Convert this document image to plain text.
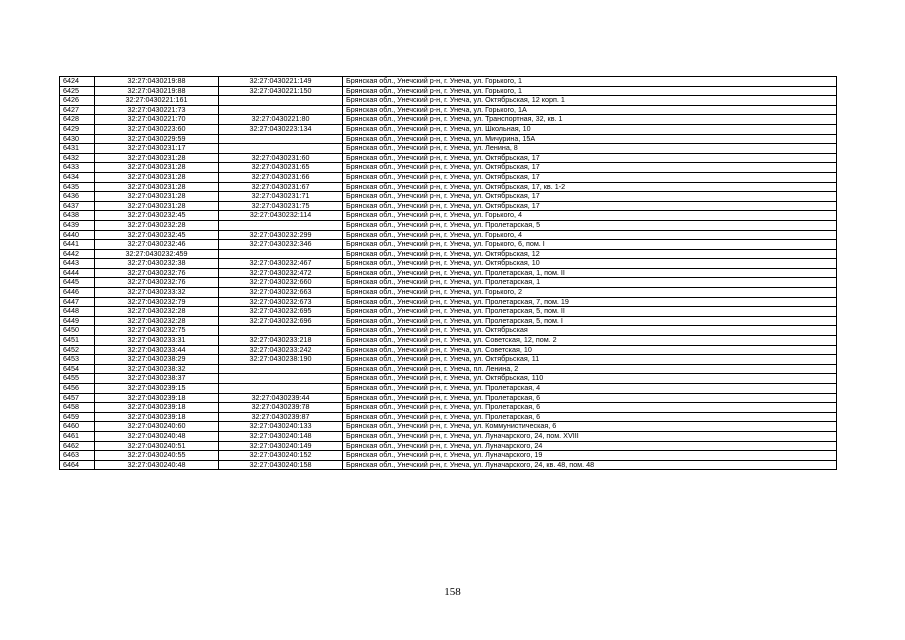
6424	32:27:0430219:88	32:27:0430221:149	Брянская обл., Унечский р-н, г. Унеча, ул. Горького, 1
6425	32:27:0430219:88	32:27:0430221:150	Брянская обл., Унечский р-н, г. Унеча, ул. Горького, 1
6426	32:27:0430221:161		Брянская обл., Унечский р-н, г. Унеча, ул. Октябрьская, 12 корп. 1
6427	32:27:0430221:73		Брянская обл., Унечский р-н, г. Унеча, ул. Горького, 1А
6428	32:27:0430221:70	32:27:0430221:80	Брянская обл., Унечский р-н, г. Унеча, ул. Транспортная, 32, кв. 1
6429	32:27:0430223:60	32:27:0430223:134	Брянская обл., Унечский р-н, г. Унеча, ул. Школьная, 10
6430	32:27:0430229:59		Брянская обл., Унечский р-н, г. Унеча, ул. Мичурина, 15А
6431	32:27:0430231:17		Брянская обл., Унечский р-н, г. Унеча, ул. Ленина, 8
6432	32:27:0430231:28	32:27:0430231:60	Брянская обл., Унечский р-н, г. Унеча, ул. Октябрьская, 17
6433	32:27:0430231:28	32:27:0430231:65	Брянская обл., Унечский р-н, г. Унеча, ул. Октябрьская, 17
6434	32:27:0430231:28	32:27:0430231:66	Брянская обл., Унечский р-н, г. Унеча, ул. Октябрьская, 17
6435	32:27:0430231:28	32:27:0430231:67	Брянская обл., Унечский р-н, г. Унеча, ул. Октябрьская, 17, кв. 1-2
6436	32:27:0430231:28	32:27:0430231:71	Брянская обл., Унечский р-н, г. Унеча, ул. Октябрьская, 17
6437	32:27:0430231:28	32:27:0430231:75	Брянская обл., Унечский р-н, г. Унеча, ул. Октябрьская, 17
6438	32:27:0430232:45	32:27:0430232:114	Брянская обл., Унечский р-н, г. Унеча, ул. Горького, 4
6439	32:27:0430232:28		Брянская обл., Унечский р-н, г. Унеча, ул. Пролетарская, 5
6440	32:27:0430232:45	32:27:0430232:299	Брянская обл., Унечский р-н, г. Унеча, ул. Горького, 4
6441	32:27:0430232:46	32:27:0430232:346	Брянская обл., Унечский р-н, г. Унеча, ул. Горького, 6, пом. I
6442	32:27:0430232:459		Брянская обл., Унечский р-н, г. Унеча, ул. Октябрьская, 12
6443	32:27:0430232:38	32:27:0430232:467	Брянская обл., Унечский р-н, г. Унеча, ул. Октябрьская, 10
6444	32:27:0430232:76	32:27:0430232:472	Брянская обл., Унечский р-н, г. Унеча, ул. Пролетарская, 1, пом. II
6445	32:27:0430232:76	32:27:0430232:660	Брянская обл., Унечский р-н, г. Унеча, ул. Пролетарская, 1
6446	32:27:0430233:32	32:27:0430232:663	Брянская обл., Унечский р-н, г. Унеча, ул. Горького, 2
6447	32:27:0430232:79	32:27:0430232:673	Брянская обл., Унечский р-н, г. Унеча, ул. Пролетарская, 7, пом. 19
6448	32:27:0430232:28	32:27:0430232:695	Брянская обл., Унечский р-н, г. Унеча, ул. Пролетарская, 5, пом. II
6449	32:27:0430232:28	32:27:0430232:696	Брянская обл., Унечский р-н, г. Унеча, ул. Пролетарская, 5, пом. I
6450	32:27:0430232:75		Брянская обл., Унечский р-н, г. Унеча, ул. Октябрьская
6451	32:27:0430233:31	32:27:0430233:218	Брянская обл., Унечский р-н, г. Унеча, ул. Советская, 12, пом. 2
6452	32:27:0430233:44	32:27:0430233:242	Брянская обл., Унечский р-н, г. Унеча, ул. Советская, 10
6453	32:27:0430238:29	32:27:0430238:190	Брянская обл., Унечский р-н, г. Унеча, ул. Октябрьская, 11
6454	32:27:0430238:32		Брянская обл., Унечский р-н, г. Унеча, пл. Ленина, 2
6455	32:27:0430238:37		Брянская обл., Унечский р-н, г. Унеча, ул. Октябрьская, 110
6456	32:27:0430239:15		Брянская обл., Унечский р-н, г. Унеча, ул. Пролетарская, 4
6457	32:27:0430239:18	32:27:0430239:44	Брянская обл., Унечский р-н, г. Унеча, ул. Пролетарская, 6
6458	32:27:0430239:18	32:27:0430239:78	Брянская обл., Унечский р-н, г. Унеча, ул. Пролетарская, 6
6459	32:27:0430239:18	32:27:0430239:87	Брянская обл., Унечский р-н, г. Унеча, ул. Пролетарская, 6
6460	32:27:0430240:60	32:27:0430240:133	Брянская обл., Унечский р-н, г. Унеча, ул. Коммунистическая, 6
6461	32:27:0430240:48	32:27:0430240:148	Брянская обл., Унечский р-н, г. Унеча, ул. Луначарского, 24, пом. XVIII
6462	32:27:0430240:51	32:27:0430240:149	Брянская обл., Унечский р-н, г. Унеча, ул. Луначарского, 24
6463	32:27:0430240:55	32:27:0430240:152	Брянская обл., Унечский р-н, г. Унеча, ул. Луначарского, 19
6464	32:27:0430240:48	32:27:0430240:158	Брянская обл., Унечский р-н, г. Унеча, ул. Луначарского, 24, кв. 48, пом. 48
158
